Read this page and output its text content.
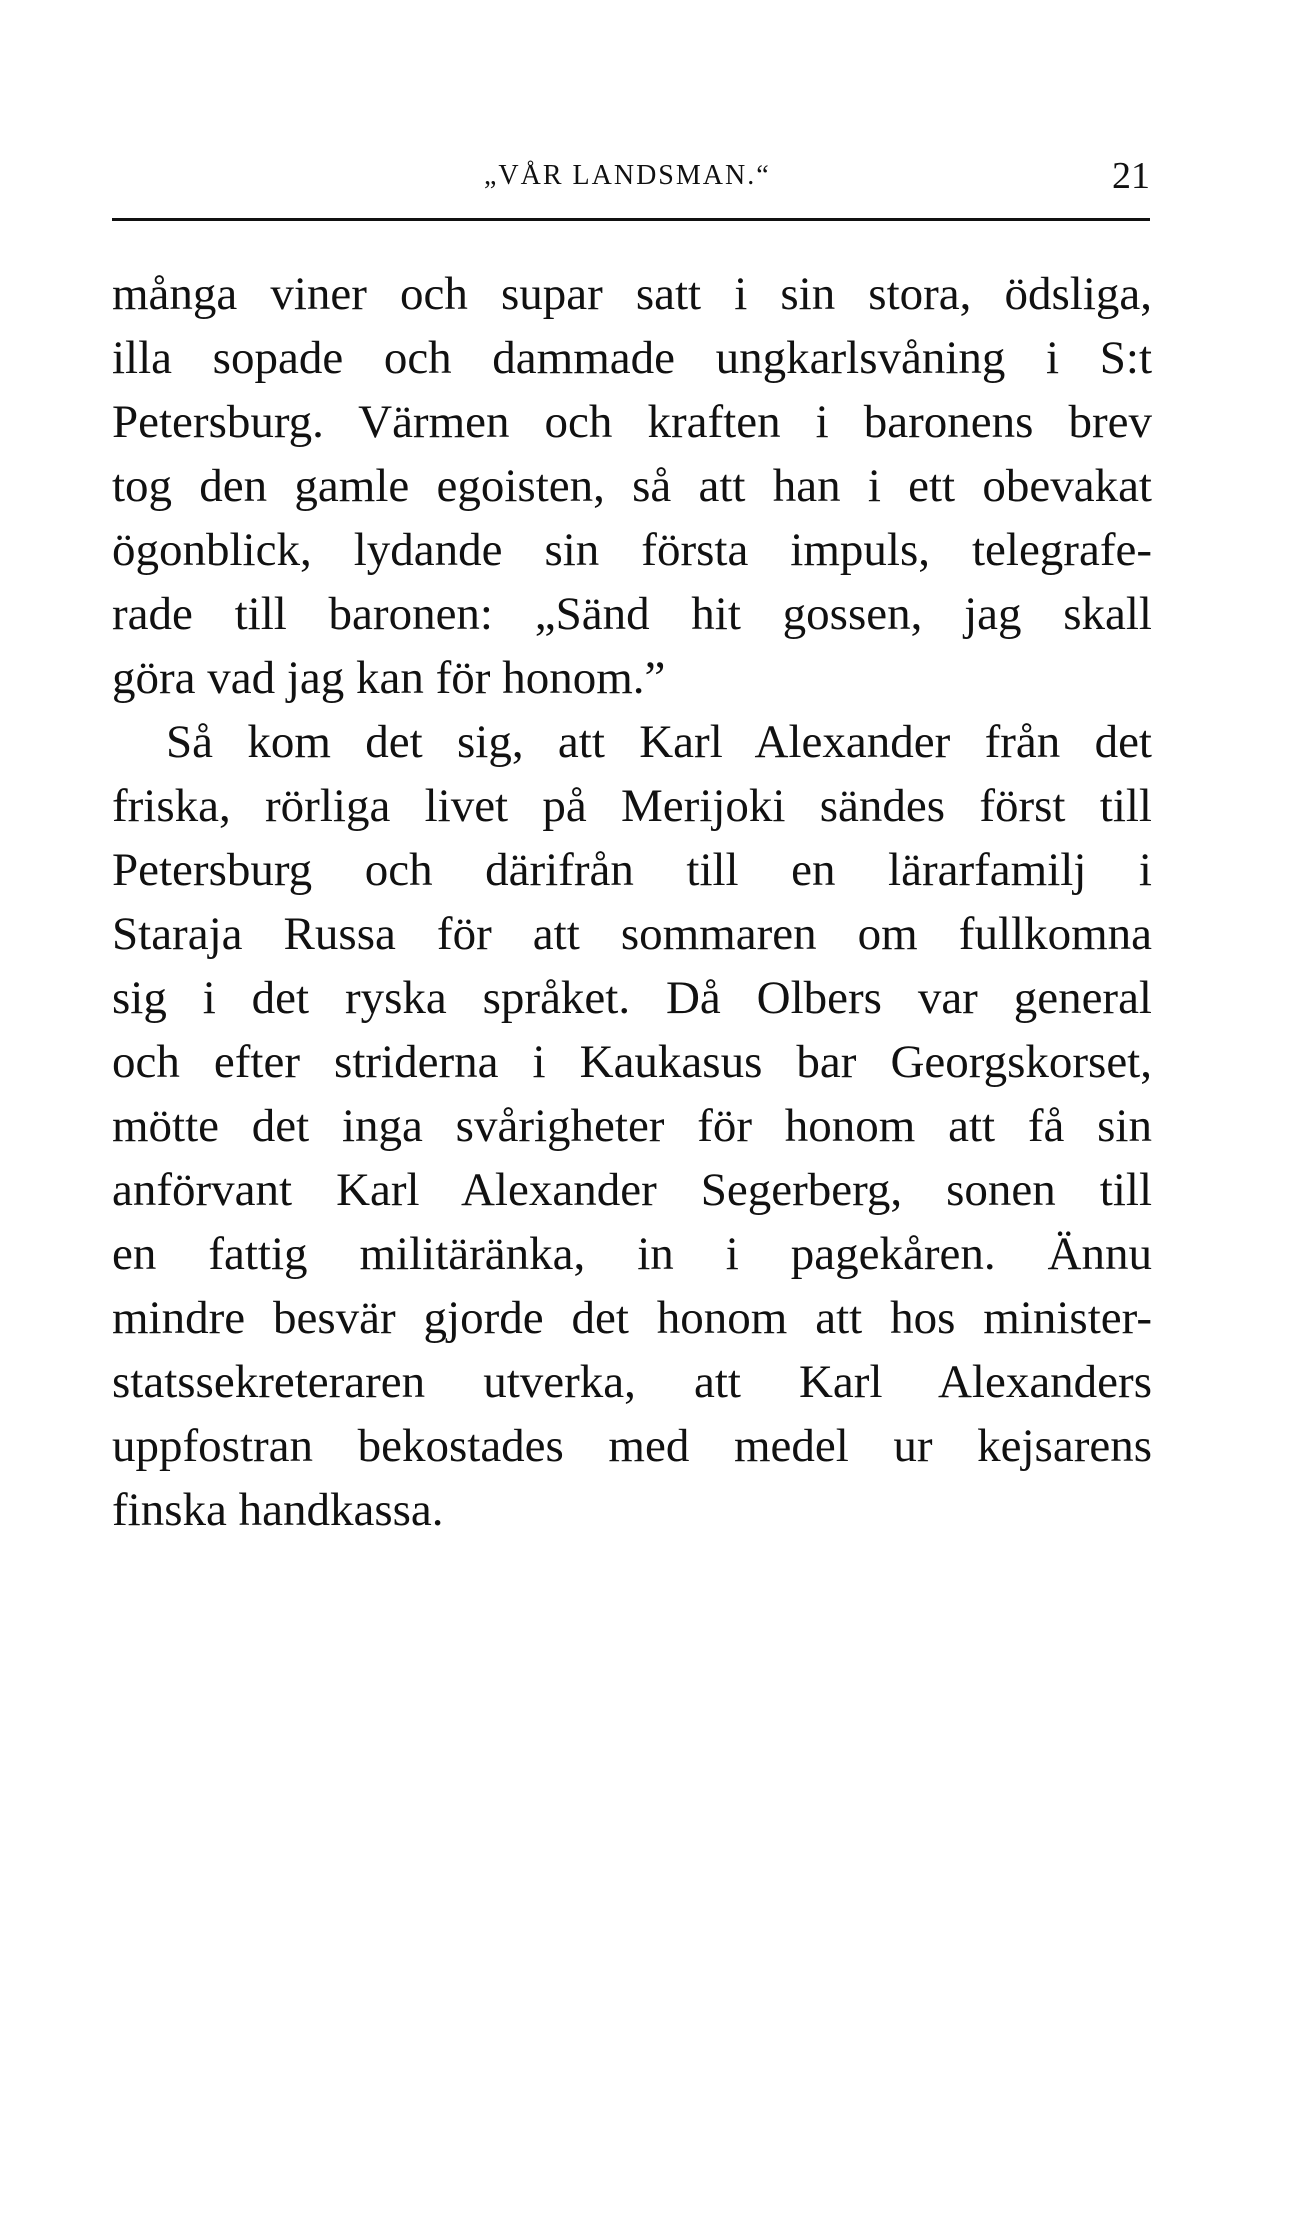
„VÅR LANDSMAN.“	21
många viner och supar satt i sin stora, ödsliga,
illa sopade och dammade ungkarlsvåning i S:t
Petersburg. Värmen och kraften i baronens brev
tog den gamle egoisten, så att han i ett obevakat
ögonblick, lydande sin första impuls, telegrafe-
rade till baronen: „Sänd hit gossen, jag skall
göra vad jag kan för honom.”
Så kom det sig, att Karl Alexander från det
friska, rörliga livet på Merijoki sändes först till
Petersburg och därifrån till en lärarfamilj i
Staraja Russa för att sommaren om fullkomna
sig i det ryska språket. Då Olbers var general
och efter striderna i Kaukasus bar Georgskorset,
mötte det inga svårigheter för honom att få sin
anförvant Karl Alexander Segerberg, sonen till
en fattig militäränka, in i pagekåren. Ännu
mindre besvär gjorde det honom att hos minister-
statssekreteraren utverka, att Karl Alexanders
uppfostran bekostades med medel ur kejsarens
finska handkassa.
